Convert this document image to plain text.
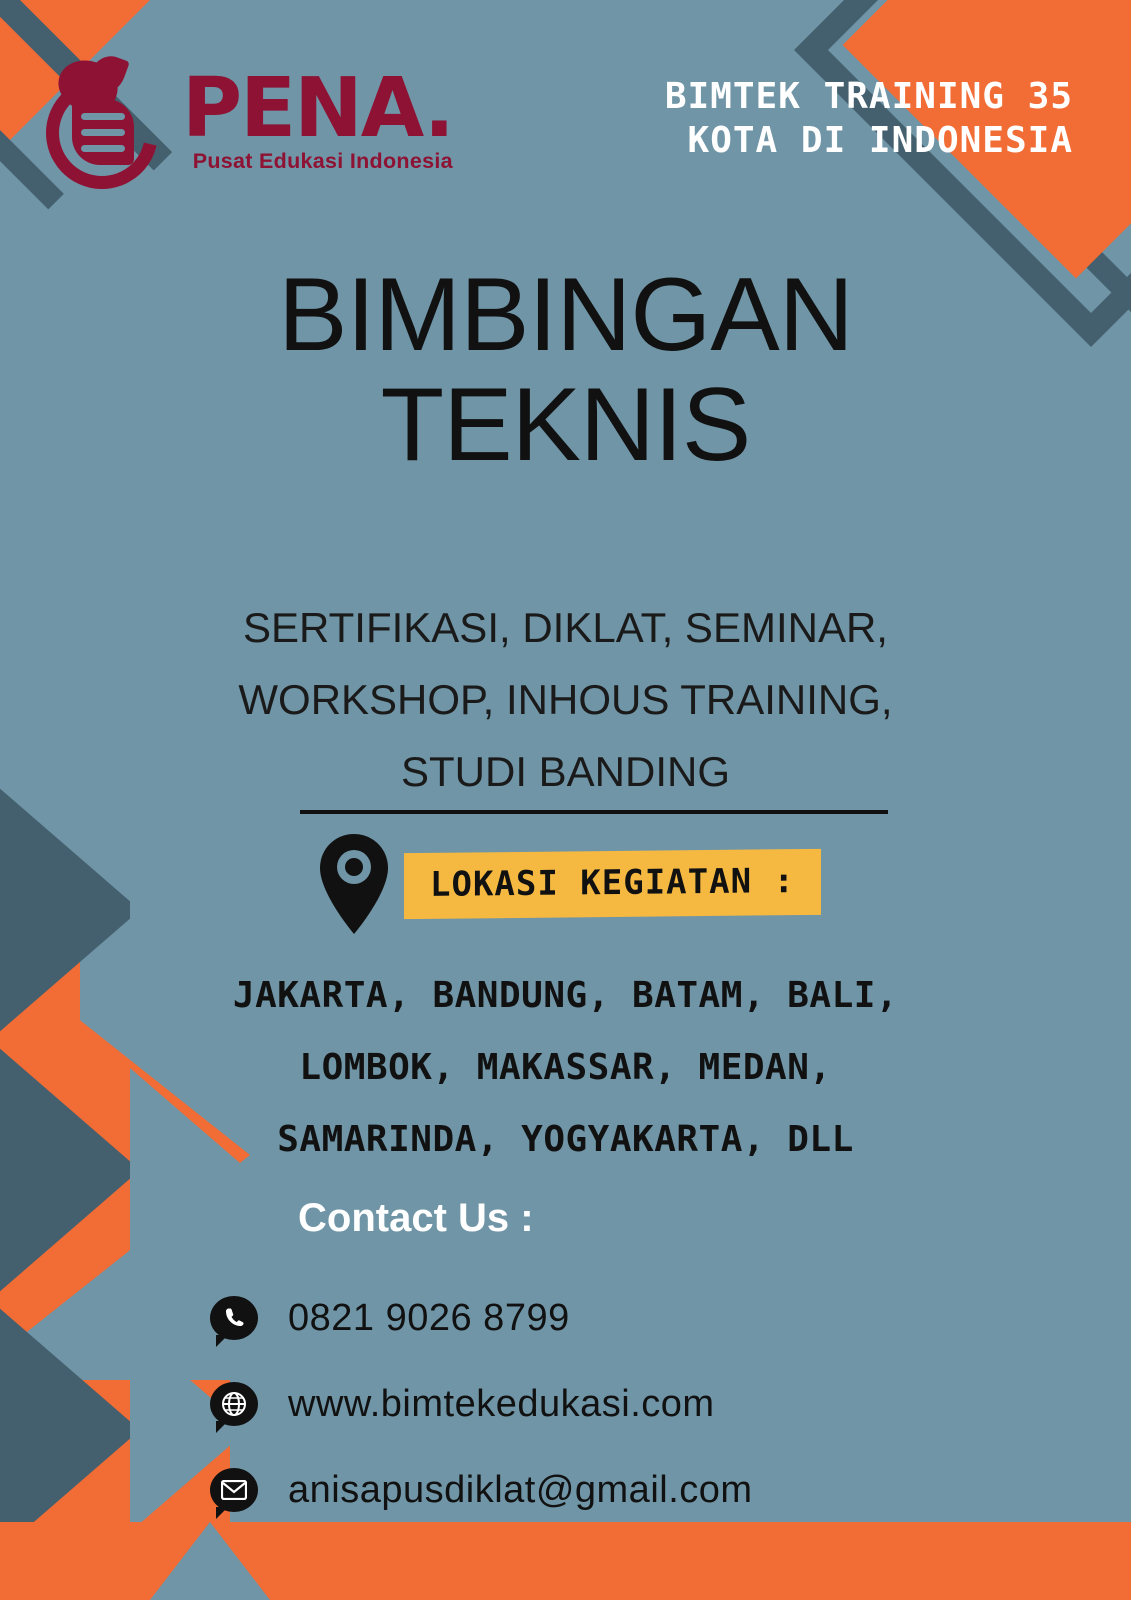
PENA.
Pusat Edukasi Indonesia
BIMTEK TRAINING 35
KOTA DI INDONESIA
BIMBINGAN
TEKNIS
SERTIFIKASI, DIKLAT, SEMINAR,
WORKSHOP, INHOUS TRAINING,
STUDI BANDING
LOKASI KEGIATAN :
JAKARTA, BANDUNG, BATAM, BALI,
LOMBOK, MAKASSAR, MEDAN,
SAMARINDA, YOGYAKARTA, DLL
Contact Us :
0821 9026 8799
www.bimtekedukasi.com
anisapusdiklat@gmail.com
